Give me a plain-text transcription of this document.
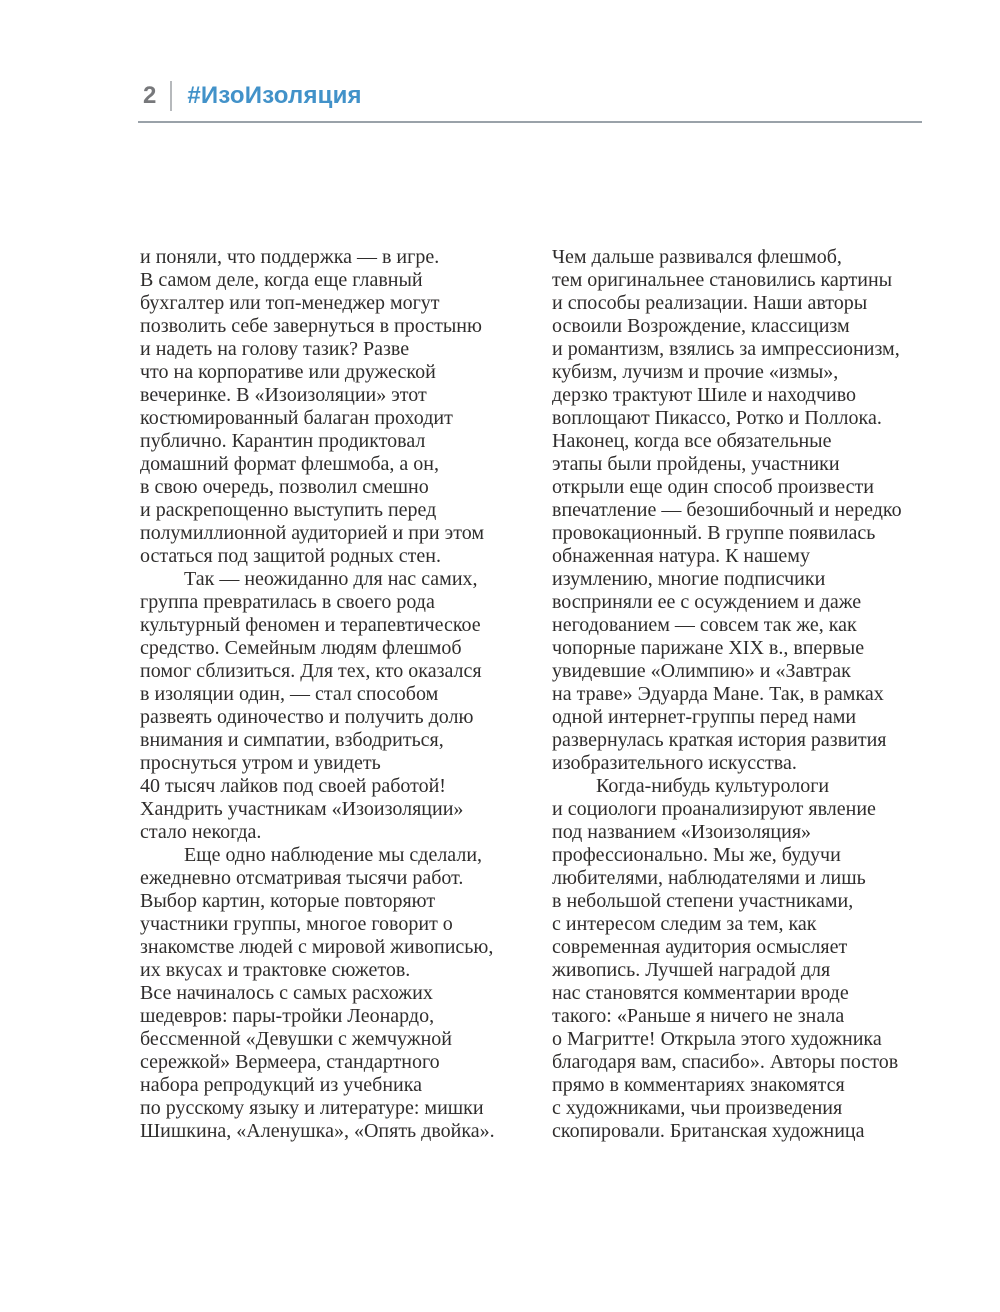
2 #ИзоИзоляция
и поняли, что поддержка — в игре.
В самом деле, когда еще главный
бухгалтер или топ-менеджер могут
позволить себе завернуться в простыню
и надеть на голову тазик? Разве
что на корпоративе или дружеской
вечеринке. В «Изоизоляции» этот
костюмированный балаган проходит
публично. Карантин продиктовал
домашний формат флешмоба, а он,
в свою очередь, позволил смешно
и раскрепощенно выступить перед
полумиллионной аудиторией и при этом
остаться под защитой родных стен.
Так — неожиданно для нас самих,
группа превратилась в своего рода
культурный феномен и терапевтическое
средство. Семейным людям флешмоб
помог сблизиться. Для тех, кто оказался
в изоляции один, — стал способом
развеять одиночество и получить долю
внимания и симпатии, взбодриться,
проснуться утром и увидеть
40 тысяч лайков под своей работой!
Хандрить участникам «Изоизоляции»
стало некогда.
Еще одно наблюдение мы сделали,
ежедневно отсматривая тысячи работ.
Выбор картин, которые повторяют
участники группы, многое говорит о
знакомстве людей с мировой живописью,
их вкусах и трактовке сюжетов.
Все начиналось с самых расхожих
шедевров: пары-тройки Леонардо,
бессменной «Девушки с жемчужной
сережкой» Вермеера, стандартного
набора репродукций из учебника
по русскому языку и литературе: мишки
Шишкина, «Аленушка», «Опять двойка».
Чем дальше развивался флешмоб,
тем оригинальнее становились картины
и способы реализации. Наши авторы
освоили Возрождение, классицизм
и романтизм, взялись за импрессионизм,
кубизм, лучизм и прочие «измы»,
дерзко трактуют Шиле и находчиво
воплощают Пикассо, Ротко и Поллока.
Наконец, когда все обязательные
этапы были пройдены, участники
открыли еще один способ произвести
впечатление — безошибочный и нередко
провокационный. В группе появилась
обнаженная натура. К нашему
изумлению, многие подписчики
восприняли ее с осуждением и даже
негодованием — совсем так же, как
чопорные парижане XIX в., впервые
увидевшие «Олимпию» и «Завтрак
на траве» Эдуарда Мане. Так, в рамках
одной интернет-группы перед нами
развернулась краткая история развития
изобразительного искусства.
Когда-нибудь культурологи
и социологи проанализируют явление
под названием «Изоизоляция»
профессионально. Мы же, будучи
любителями, наблюдателями и лишь
в небольшой степени участниками,
с интересом следим за тем, как
современная аудитория осмысляет
живопись. Лучшей наградой для
нас становятся комментарии вроде
такого: «Раньше я ничего не знала
о Магритте! Открыла этого художника
благодаря вам, спасибо». Авторы постов
прямо в комментариях знакомятся
с художниками, чьи произведения
скопировали. Британская художница
